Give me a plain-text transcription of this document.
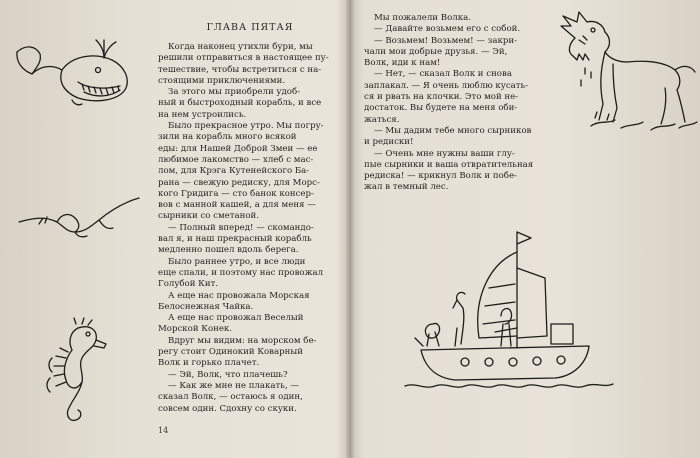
ГЛАВА ПЯТАЯ

Когда наконец утихли бури, мы

решили отправиться в настоящее пу-

тешествие, чтобы встретиться с на-

стоящими приключениями.

За этого мы приобрели удоб-

ный и быстроходный корабль, и все

на нем устроились.

Было прекрасное утро. Мы погру-

зили на корабль много всякой

еды: для Нашей Доброй Змеи — ее

любимое лакомство — хлеб с мас-

лом, для Крэга Кутенейского Ба-

рана — свежую редиску, для Морс-

кого Гридига — сто банок консер-

вов с манной кашей, а для меня —

сырники со сметаной.

— Полный вперед! — скомандо-

вал я, и наш прекрасный корабль

медленно пошел вдоль берега.

Было раннее утро, и все люди

еще спали, и поэтому нас провожал

Голубой Кит.

А еще нас провожала Морская

Белоснежная Чайка.

А еще нас провожал Веселый

Морской Конек.

Вдруг мы видим: на морском бе-

регу стоит Одинокий Коварный

Волк и горько плачет.

— Эй, Волк, что плачешь?

— Как же мне не плакать, —

сказал Волк, — остаюсь я один,

совсем один. Сдохну со скуки.

14

Мы пожалели Волка.

— Давайте возьмем его с собой.

— Возьмем! Возьмем! — закри-

чали мои добрые друзья. — Эй,

Волк, иди к нам!

— Нет, — сказал Волк и снова

заплакал. — Я очень люблю кусать-

ся и рвать на клочки. Это мой не-

достаток. Вы будете на меня оби-

жаться.

— Мы дадим тебе много сырников

и редиски!

— Очень мне нужны ваши глу-

пые сырники и ваша отвратительная

редиска! — крикнул Волк и побе-

жал в темный лес.
